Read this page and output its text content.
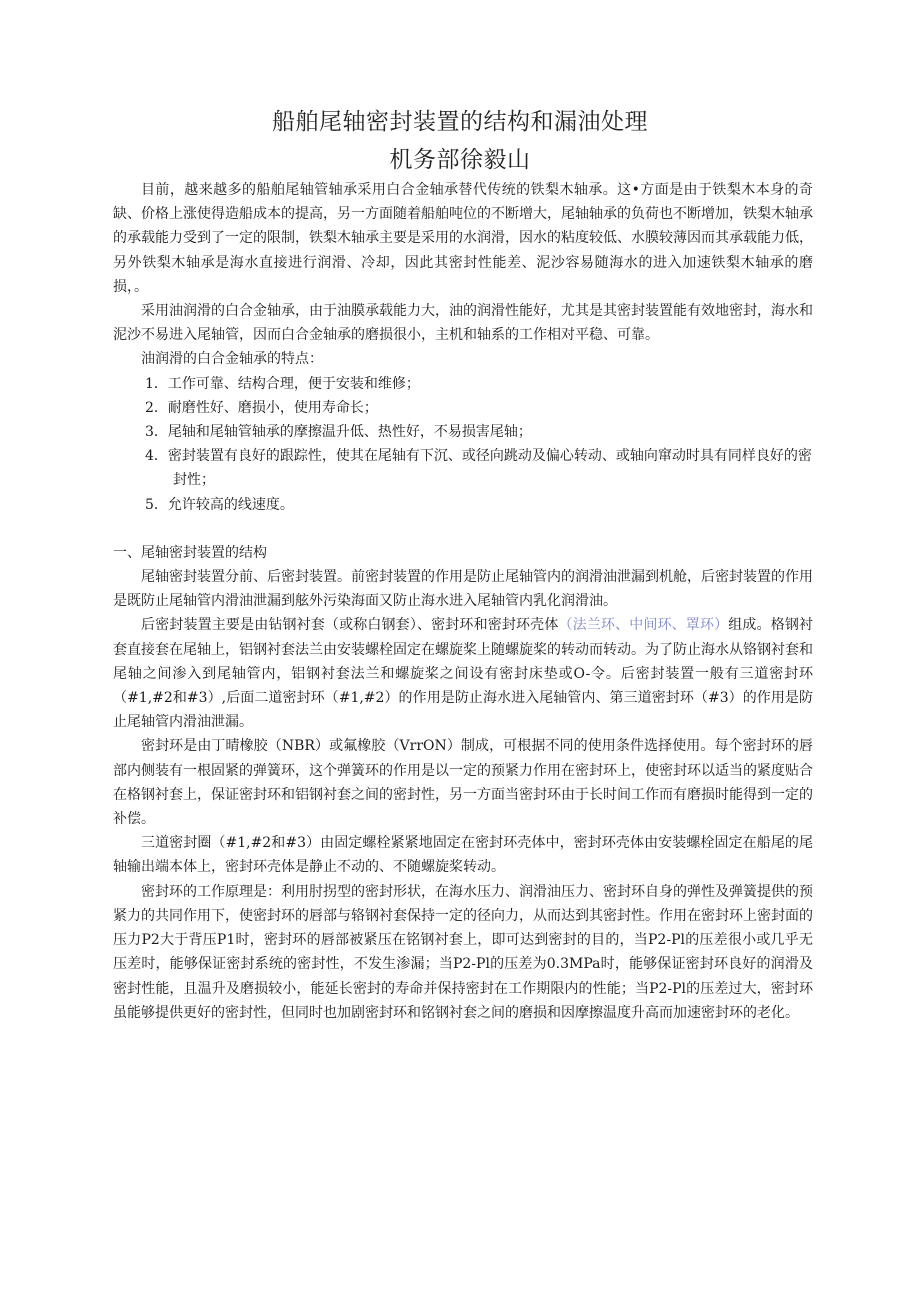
船舶尾轴密封装置的结构和漏油处理
机务部徐毅山

目前，越来越多的船舶尾轴管轴承采用白合金轴承替代传统的铁梨木轴承。这•方面是由于铁梨木本身的奇缺、价格上涨使得造船成本的提高，另一方面随着船舶吨位的不断增大，尾轴轴承的负荷也不断增加，铁梨木轴承的承载能力受到了一定的限制，铁梨木轴承主要是采用的水润滑，因水的粘度较低、水膜较薄因而其承载能力低，另外铁梨木轴承是海水直接进行润滑、冷却，因此其密封性能差、泥沙容易随海水的进入加速铁梨木轴承的磨损，。

采用油润滑的白合金轴承，由于油膜承载能力大，油的润滑性能好，尤其是其密封装置能有效地密封，海水和泥沙不易进入尾轴管，因而白合金轴承的磨损很小，主机和轴系的工作相对平稳、可靠。

油润滑的白合金轴承的特点：

1．工作可靠、结构合理，便于安装和维修；
2．耐磨性好、磨损小，使用寿命长；
3．尾轴和尾轴管轴承的摩擦温升低、热性好，不易损害尾轴；
4．密封装置有良好的跟踪性，使其在尾轴有下沉、或径向跳动及偏心转动、或轴向窜动时具有同样良好的密封性；
5．允许较高的线速度。

一、尾轴密封装置的结构

尾轴密封装置分前、后密封装置。前密封装置的作用是防止尾轴管内的润滑油泄漏到机舱，后密封装置的作用是既防止尾轴管内滑油泄漏到舷外污染海面又防止海水进入尾轴管内乳化润滑油。

后密封装置主要是由钻钢衬套（或称白钢套）、密封环和密封环壳体（法兰环、中间环、罩环）组成。格钢衬套直接套在尾轴上，铝钢衬套法兰由安装螺栓固定在螺旋桨上随螺旋桨的转动而转动。为了防止海水从铬钢衬套和尾轴之间渗入到尾轴管内，铝钢衬套法兰和螺旋桨之间设有密封床垫或O-令。后密封装置一般有三道密封环（#1,#2和#3）,后面二道密封环（#1,#2）的作用是防止海水进入尾轴管内、第三道密封环（#3）的作用是防止尾轴管内滑油泄漏。

密封环是由丁晴橡胶（NBR）或氟橡胶（VrrON）制成，可根据不同的使用条件选择使用。每个密封环的唇部内侧装有一根固紧的弹簧环，这个弹簧环的作用是以一定的预紧力作用在密封环上，使密封环以适当的紧度贴合在格钢衬套上，保证密封环和铝钢衬套之间的密封性，另一方面当密封环由于长时间工作而有磨损时能得到一定的补偿。

三道密封圈（#1,#2和#3）由固定螺栓紧紧地固定在密封环壳体中，密封环壳体由安装螺栓固定在船尾的尾轴输出端本体上，密封环壳体是静止不动的、不随螺旋桨转动。

密封环的工作原理是：利用肘拐型的密封形状，在海水压力、润滑油压力、密封环自身的弹性及弹簧提供的预紧力的共同作用下，使密封环的唇部与辂钢衬套保持一定的径向力，从而达到其密封性。作用在密封环上密封面的压力P2大于背压P1时，密封环的唇部被紧压在铭钢衬套上，即可达到密封的目的，当P2-Pl的压差很小或几乎无压差时，能够保证密封系统的密封性，不发生渗漏；当P2-Pl的压差为0.3MPa时，能够保证密封环良好的润滑及密封性能，且温升及磨损较小，能延长密封的寿命并保持密封在工作期限内的性能；当P2-Pl的压差过大，密封环虽能够提供更好的密封性，但同时也加剧密封环和铭钢衬套之间的磨损和因摩擦温度升高而加速密封环的老化。
